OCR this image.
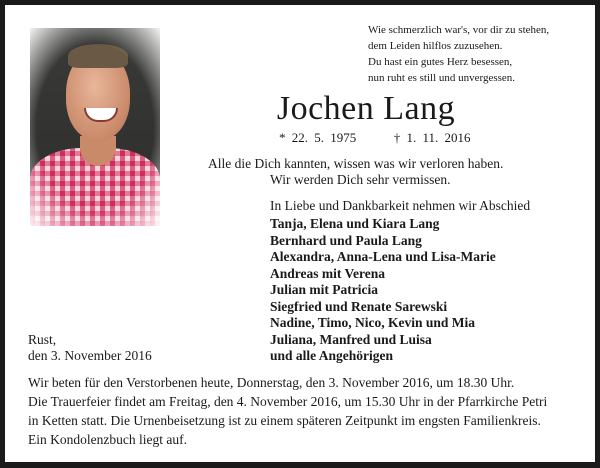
Wie schmerzlich war's, vor dir zu stehen,
dem Leiden hilflos zuzusehen.
Du hast ein gutes Herz besessen,
nun ruht es still und unvergessen.
Jochen Lang
* 22. 5. 1975	† 1. 11. 2016
Alle die Dich kannten, wissen was wir verloren haben.
Wir werden Dich sehr vermissen.
In Liebe und Dankbarkeit nehmen wir Abschied
Tanja, Elena und Kiara Lang
Bernhard und Paula Lang
Alexandra, Anna-Lena und Lisa-Marie
Andreas mit Verena
Julian mit Patricia
Siegfried und Renate Sarewski
Nadine, Timo, Nico, Kevin und Mia
Juliana, Manfred und Luisa
und alle Angehörigen
Rust,
den 3. November 2016
Wir beten für den Verstorbenen heute, Donnerstag, den 3. November 2016, um 18.30 Uhr.
Die Trauerfeier findet am Freitag, den 4. November 2016, um 15.30 Uhr in der Pfarrkirche Petri
in Ketten statt. Die Urnenbeisetzung ist zu einem späteren Zeitpunkt im engsten Familienkreis.
Ein Kondolenzbuch liegt auf.
